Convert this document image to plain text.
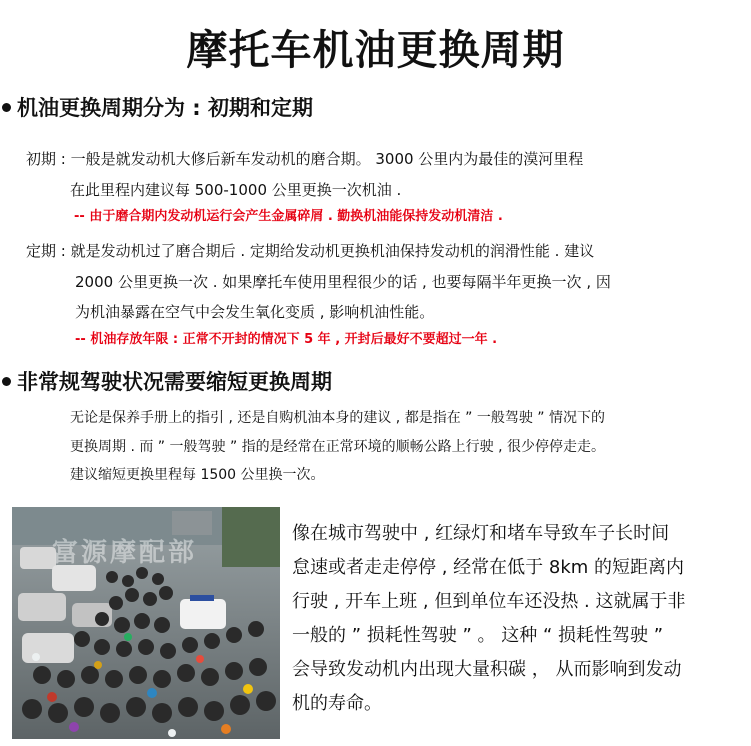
摩托车机油更换周期
机油更换周期分为 : 初期和定期
初期 : 一般是就发动机大修后新车发动机的磨合期。 3000 公里内为最佳的漠河里程
在此里程内建议每 500-1000 公里更换一次机油 .
-- 由于磨合期内发动机运行会产生金属碎屑 . 勤换机油能保持发动机清洁 .
定期 : 就是发动机过了磨合期后 . 定期给发动机更换机油保持发动机的润滑性能 . 建议
2000 公里更换一次 . 如果摩托车使用里程很少的话 , 也要每隔半年更换一次 , 因
为机油暴露在空气中会发生氧化变质 , 影响机油性能。
-- 机油存放年限 : 正常不开封的情况下 5 年 , 开封后最好不要超过一年 .
非常规驾驶状况需要缩短更换周期
无论是保养手册上的指引 , 还是自购机油本身的建议 , 都是指在 ” 一般驾驶 ” 情况下的
更换周期 . 而 ” 一般驾驶 ” 指的是经常在正常环境的顺畅公路上行驶 , 很少停停走走。
建议缩短更换里程每 1500 公里换一次。
富源摩配部
像在城市驾驶中 , 红绿灯和堵车导致车子长时间
怠速或者走走停停 , 经常在低于 8km 的短距离内
行驶 , 开车上班 , 但到单位车还没热 . 这就属于非
一般的 ” 损耗性驾驶 ” 。 这种 “ 损耗性驾驶 ”
会导致发动机内出现大量积碳 ， 从而影响到发动
机的寿命。
